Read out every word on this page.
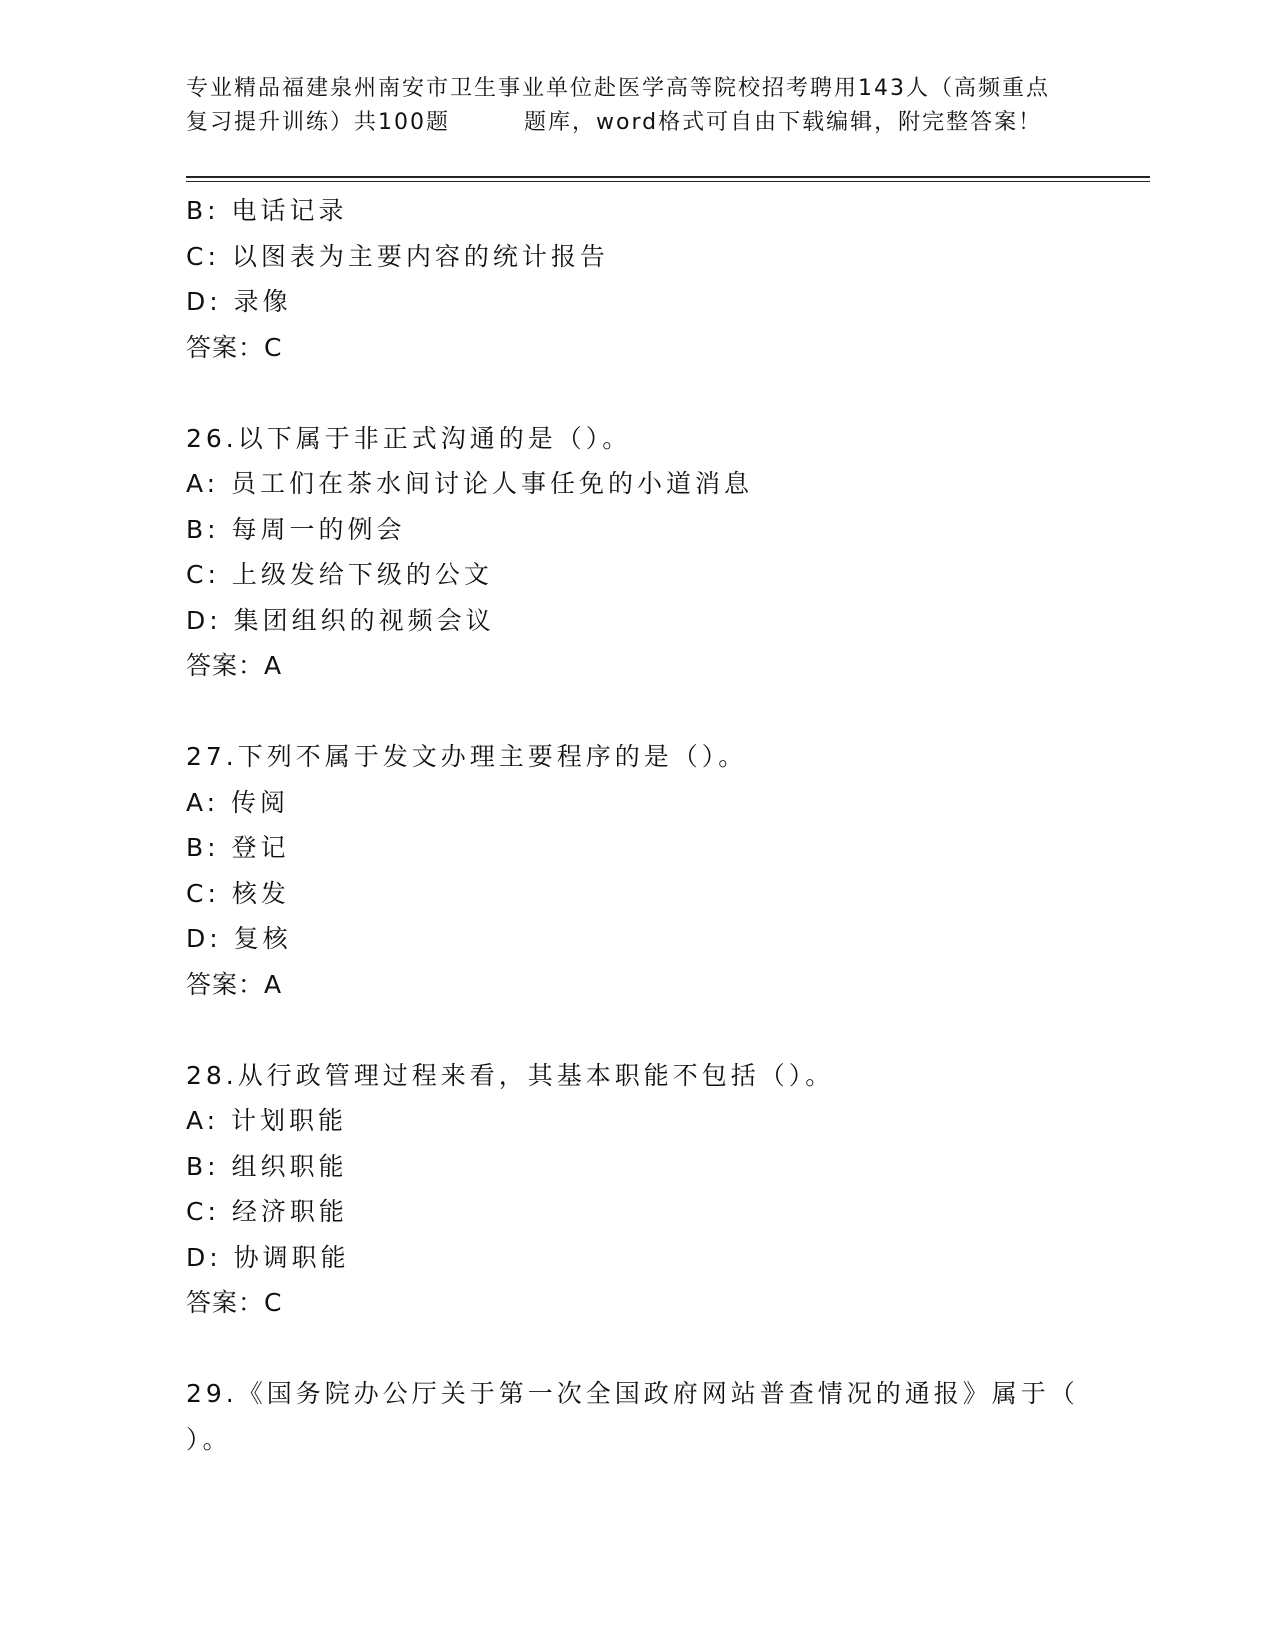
专业精品福建泉州南安市卫生事业单位赴医学高等院校招考聘用143人（高频重点
复习提升训练）共100题	题库，word格式可自由下载编辑，附完整答案！
B: 电话记录
C: 以图表为主要内容的统计报告
D: 录像
答案：C
26.以下属于非正式沟通的是（）。
A: 员工们在茶水间讨论人事任免的小道消息
B: 每周一的例会
C: 上级发给下级的公文
D: 集团组织的视频会议
答案：A
27.下列不属于发文办理主要程序的是（）。
A: 传阅
B: 登记
C: 核发
D: 复核
答案：A
28.从行政管理过程来看，其基本职能不包括（）。
A: 计划职能
B: 组织职能
C: 经济职能
D: 协调职能
答案：C
29.《国务院办公厅关于第一次全国政府网站普查情况的通报》属于（
）。
